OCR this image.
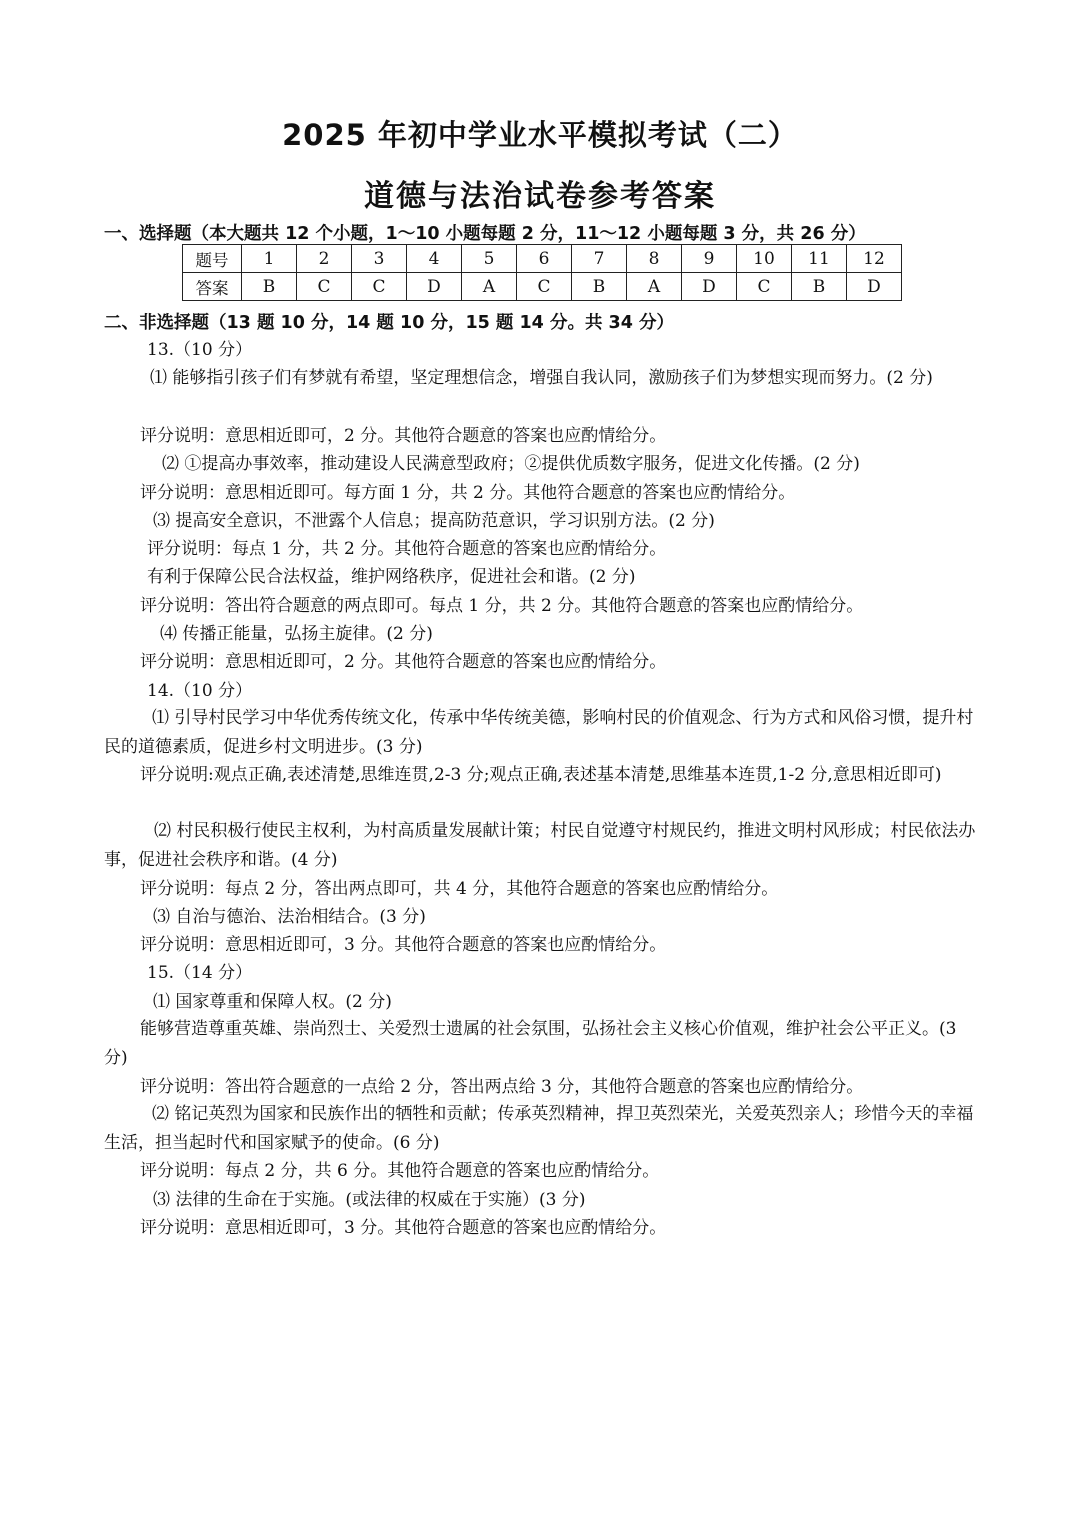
2025 年初中学业水平模拟考试（二）
道德与法治试卷参考答案

一、选择题（本大题共 12 个小题，1～10 小题每题 2 分，11～12 小题每题 3 分，共 26 分）

题号	1	2	3	4	5	6	7	8	9	10	11	12
答案	B	C	C	D	A	C	B	A	D	C	B	D

二、非选择题（13 题 10 分，14 题 10 分，15 题 14 分。共 34 分）

13.（10 分）

⑴ 能够指引孩子们有梦就有希望，坚定理想信念，增强自我认同，激励孩子们为梦想实现而努力。(2 分)

评分说明：意思相近即可，2 分。其他符合题意的答案也应酌情给分。

⑵ ①提高办事效率，推动建设人民满意型政府；②提供优质数字服务，促进文化传播。(2 分)

评分说明：意思相近即可。每方面 1 分，共 2 分。其他符合题意的答案也应酌情给分。

⑶ 提高安全意识，不泄露个人信息；提高防范意识，学习识别方法。(2 分)

评分说明：每点 1 分，共 2 分。其他符合题意的答案也应酌情给分。

有利于保障公民合法权益，维护网络秩序，促进社会和谐。(2 分)

评分说明：答出符合题意的两点即可。每点 1 分，共 2 分。其他符合题意的答案也应酌情给分。

⑷ 传播正能量，弘扬主旋律。(2 分)

评分说明：意思相近即可，2 分。其他符合题意的答案也应酌情给分。

14.（10 分）

⑴ 引导村民学习中华优秀传统文化，传承中华传统美德，影响村民的价值观念、行为方式和风俗习惯，提升村民的道德素质，促进乡村文明进步。(3 分)

评分说明:观点正确,表述清楚,思维连贯,2-3 分;观点正确,表述基本清楚,思维基本连贯,1-2 分,意思相近即可)

⑵ 村民积极行使民主权利，为村高质量发展献计策；村民自觉遵守村规民约，推进文明村风形成；村民依法办事，促进社会秩序和谐。(4 分)

评分说明：每点 2 分，答出两点即可，共 4 分，其他符合题意的答案也应酌情给分。

⑶ 自治与德治、法治相结合。(3 分)

评分说明：意思相近即可，3 分。其他符合题意的答案也应酌情给分。

15.（14 分）

⑴ 国家尊重和保障人权。(2 分)

能够营造尊重英雄、崇尚烈士、关爱烈士遗属的社会氛围，弘扬社会主义核心价值观，维护社会公平正义。(3 分)

评分说明：答出符合题意的一点给 2 分，答出两点给 3 分，其他符合题意的答案也应酌情给分。

⑵ 铭记英烈为国家和民族作出的牺牲和贡献；传承英烈精神，捍卫英烈荣光，关爱英烈亲人；珍惜今天的幸福生活，担当起时代和国家赋予的使命。(6 分)

评分说明：每点 2 分，共 6 分。其他符合题意的答案也应酌情给分。

⑶ 法律的生命在于实施。(或法律的权威在于实施）(3 分)

评分说明：意思相近即可，3 分。其他符合题意的答案也应酌情给分。
